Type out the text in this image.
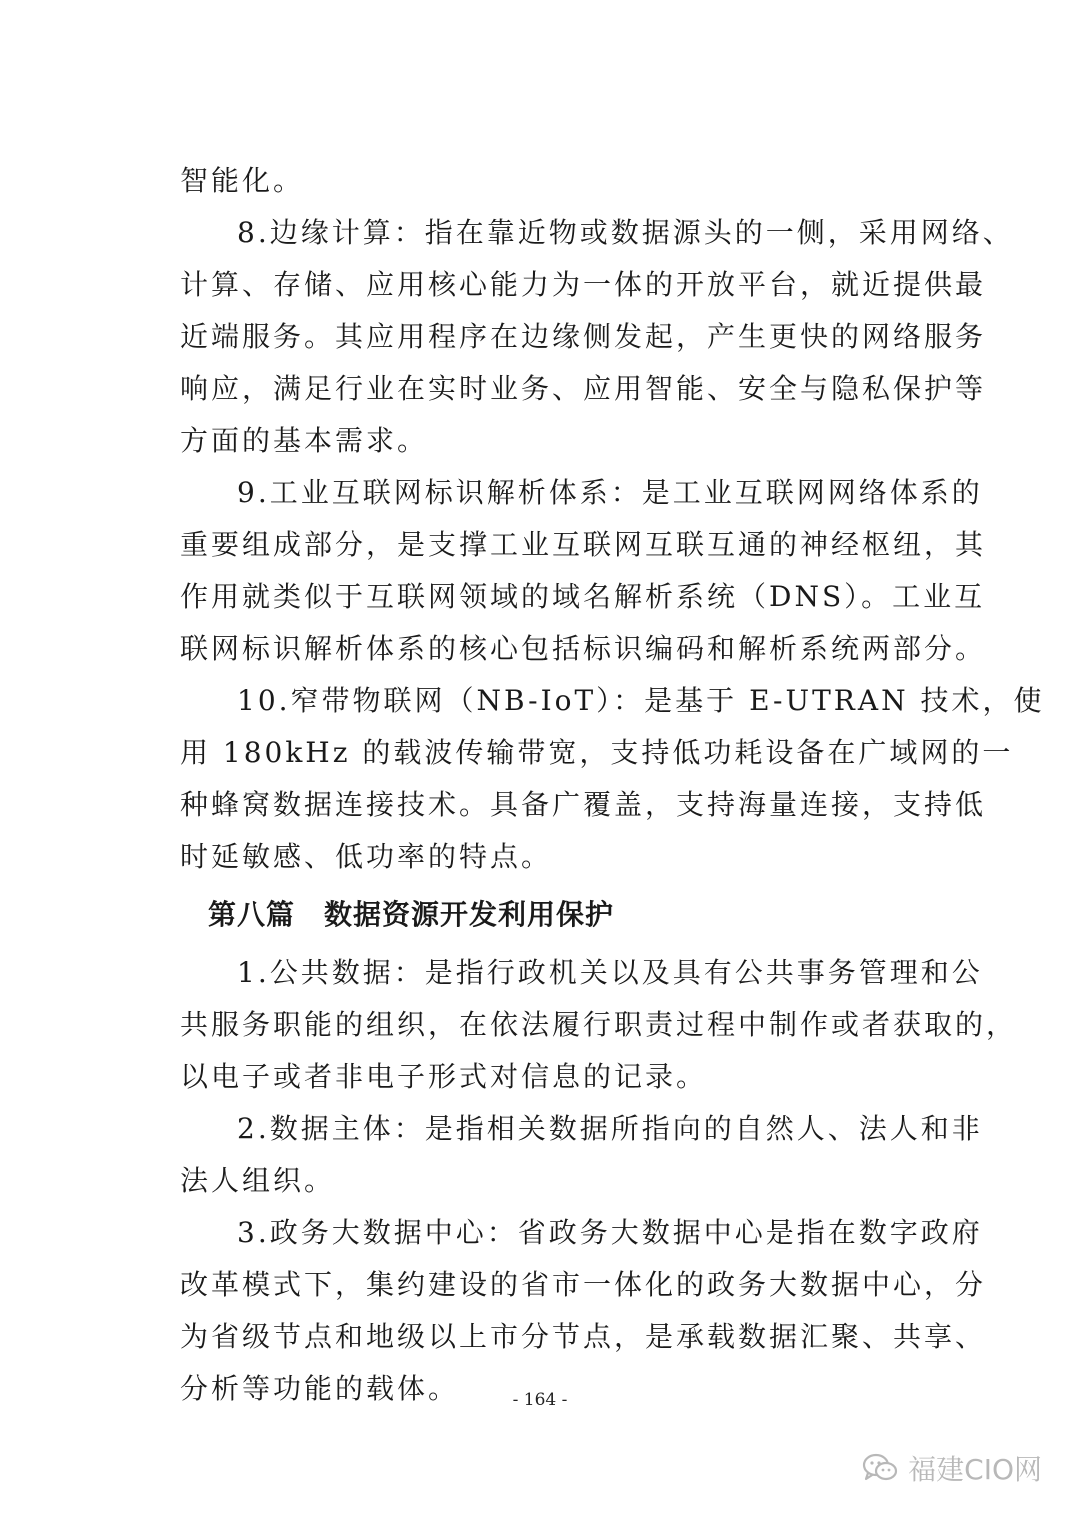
智能化。
8.边缘计算：指在靠近物或数据源头的一侧，采用网络、
计算、存储、应用核心能力为一体的开放平台，就近提供最
近端服务。其应用程序在边缘侧发起，产生更快的网络服务
响应，满足行业在实时业务、应用智能、安全与隐私保护等
方面的基本需求。
9.工业互联网标识解析体系：是工业互联网网络体系的
重要组成部分，是支撑工业互联网互联互通的神经枢纽，其
作用就类似于互联网领域的域名解析系统（DNS）。工业互
联网标识解析体系的核心包括标识编码和解析系统两部分。
10.窄带物联网（NB-IoT）：是基于 E-UTRAN 技术，使
用 180kHz 的载波传输带宽，支持低功耗设备在广域网的一
种蜂窝数据连接技术。具备广覆盖，支持海量连接，支持低
时延敏感、低功率的特点。
第八篇　数据资源开发利用保护
1.公共数据：是指行政机关以及具有公共事务管理和公
共服务职能的组织，在依法履行职责过程中制作或者获取的，
以电子或者非电子形式对信息的记录。
2.数据主体：是指相关数据所指向的自然人、法人和非
法人组织。
3.政务大数据中心：省政务大数据中心是指在数字政府
改革模式下，集约建设的省市一体化的政务大数据中心，分
为省级节点和地级以上市分节点，是承载数据汇聚、共享、
分析等功能的载体。	- 164 -
福建CIO网
